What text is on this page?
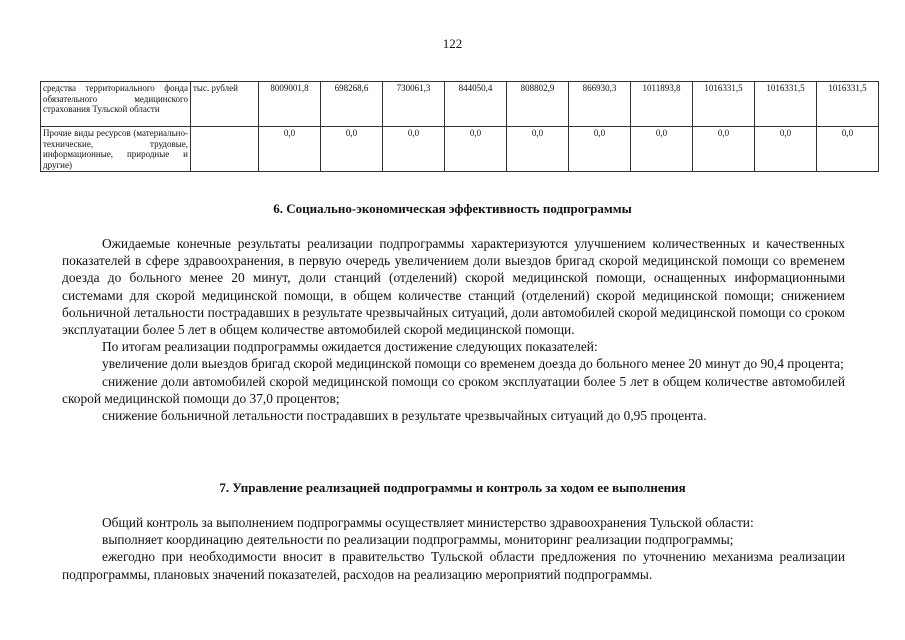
122
средства территориального фонда обязательного медицинского страхования Тульской области	тыс. рублей	8009001,8	698268,6	730061,3	844050,4	808802,9	866930,3	1011893,8	1016331,5	1016331,5	1016331,5
Прочие виды ресурсов (материально-технические, трудовые, информационные, природные и другие)		0,0	0,0	0,0	0,0	0,0	0,0	0,0	0,0	0,0	0,0
6. Социально-экономическая эффективность подпрограммы

Ожидаемые конечные результаты реализации подпрограммы характеризуются улучшением количественных и качественных показателей в сфере здравоохранения, в первую очередь увеличением доли выездов бригад скорой медицинской помощи со временем доезда до больного менее 20 минут, доли станций (отделений) скорой медицинской помощи, оснащенных информационными системами для скорой медицинской помощи, в общем количестве станций (отделений) скорой медицинской помощи; снижением больничной летальности пострадавших в результате чрезвычайных ситуаций, доли автомобилей скорой медицинской помощи со сроком эксплуатации более 5 лет в общем количестве автомобилей скорой медицинской помощи.

По итогам реализации подпрограммы ожидается достижение следующих показателей:

увеличение доли выездов бригад скорой медицинской помощи со временем доезда до больного менее 20 минут до 90,4 процента;

снижение доли автомобилей скорой медицинской помощи со сроком эксплуатации более 5 лет в общем количестве автомобилей скорой медицинской помощи до 37,0 процентов;

снижение больничной летальности пострадавших в результате чрезвычайных ситуаций до 0,95 процента.

7. Управление реализацией подпрограммы и контроль за ходом ее выполнения

Общий контроль за выполнением подпрограммы осуществляет министерство здравоохранения Тульской области:

выполняет координацию деятельности по реализации подпрограммы, мониторинг реализации подпрограммы;

ежегодно при необходимости вносит в правительство Тульской области предложения по уточнению механизма реализации подпрограммы, плановых значений показателей, расходов на реализацию мероприятий подпрограммы.
